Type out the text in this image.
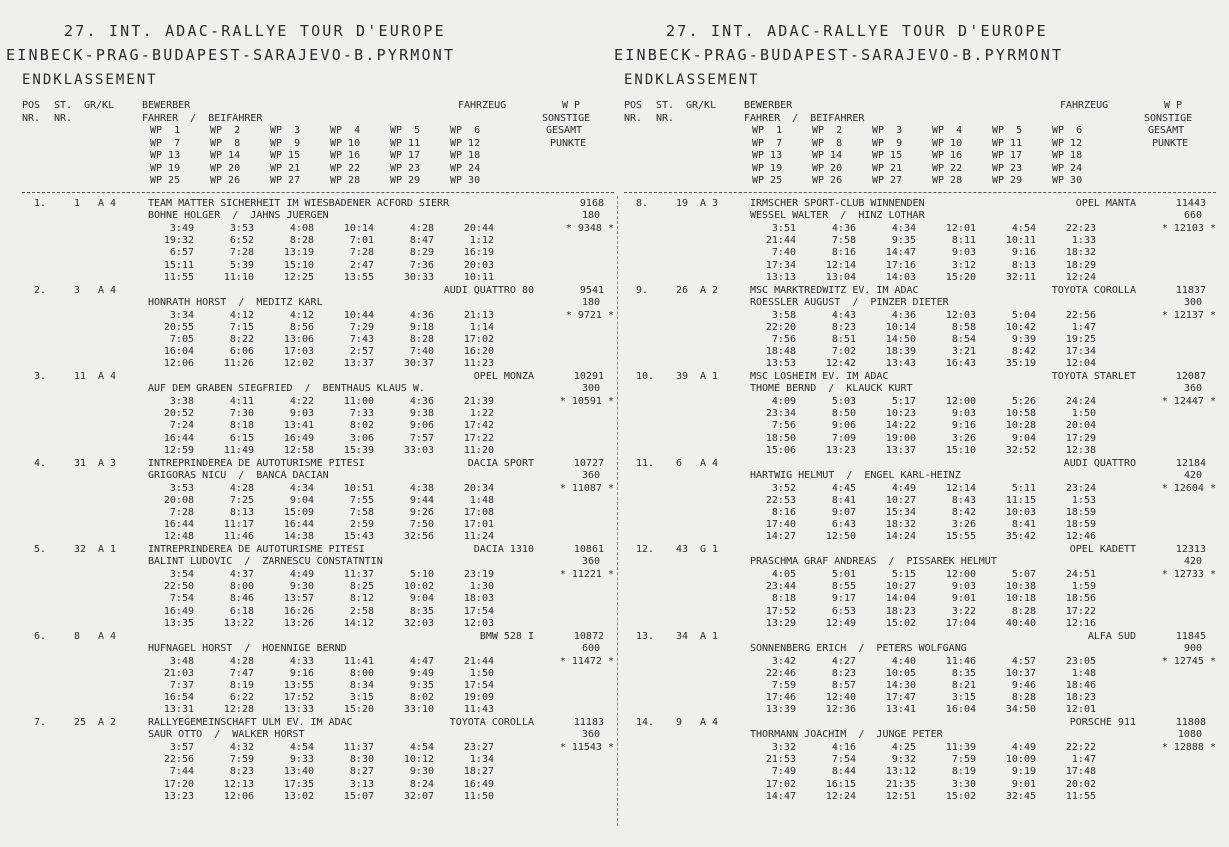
27. INT. ADAC-RALLYE TOUR D'EUROPE
EINBECK-PRAG-BUDAPEST-SARAJEVO-B.PYRMONT
ENDKLASSEMENT
BEWERBER	FAHRZEUG	W P
POS ST. GR/KL
NR. NR.	FAHRER  /  BEIFAHRER	SONSTIGE
WP  1	WP  2	WP  3	WP  4	WP  5	WP  6	GESAMT
WP  7	WP  8	WP  9	WP 10	WP 11	WP 12	PUNKTE
WP 13	WP 14	WP 15	WP 16	WP 17	WP 18
WP 19	WP 20	WP 21	WP 22	WP 23	WP 24
WP 25	WP 26	WP 27	WP 28	WP 29	WP 30
1.	1 A 4	TEAM MATTER SICHERHEIT IM WIESBADENER ACFORD SIERR	9168
BOHNE HOLGER  /  JAHNS JUERGEN	180
3:49	3:53	4:08	10:14	4:28	20:44	* 9348 *
19:32	6:52	8:28	7:01	8:47	1:12
6:57	7:28	13:19	7:28	8:29	16:19
15:11	5:39	15:10	2:47	7:36	20:03
11:55	11:10	12:25	13:55	30:33	10:11
2.	3 A 4	AUDI QUATTRO 80	9541
HONRATH HORST  /  MEDITZ KARL	180
3:34	4:12	4:12	10:44	4:36	21:13	* 9721 *
20:55	7:15	8:56	7:29	9:18	1:14
7:05	8:22	13:06	7:43	8:28	17:02
16:04	6:06	17:03	2:57	7:40	16:20
12:06	11:26	12:02	13:37	30:37	11:23
3.	11 A 4	OPEL MONZA	10291
AUF DEM GRABEN SIEGFRIED  /  BENTHAUS KLAUS W.	300
3:38	4:11	4:22	11:00	4:36	21:39	* 10591 *
20:52	7:30	9:03	7:33	9:38	1:22
7:24	8:18	13:41	8:02	9:06	17:42
16:44	6:15	16:49	3:06	7:57	17:22
12:59	11:49	12:58	15:39	33:03	11:20
4.	31 A 3	INTREPRINDEREA DE AUTOTURISME PITESI	DACIA SPORT	10727
GRIGORAS NICU  /  BANCA DACIAN	360
3:53	4:28	4:34	10:51	4:38	20:34	* 11087 *
20:08	7:25	9:04	7:55	9:44	1:48
7:28	8:13	15:09	7:58	9:26	17:08
16:44	11:17	16:44	2:59	7:50	17:01
12:48	11:46	14:38	15:43	32:56	11:24
5.	32 A 1	INTREPRINDEREA DE AUTOTURISME PITESI	DACIA 1310	10861
BALINT LUDOVIC  /  ZARNESCU CONSTATNTIN	360
3:54	4:37	4:49	11:37	5:10	23:19	* 11221 *
22:50	8:00	9:30	8:25	10:02	1:30
7:54	8:46	13:57	8:12	9:04	18:03
16:49	6:18	16:26	2:58	8:35	17:54
13:35	13:22	13:26	14:12	32:03	12:03
6.	8 A 4	BMW 528 I	10872
HUFNAGEL HORST  /  HOENNIGE BERND	600
3:48	4:28	4:33	11:41	4:47	21:44	* 11472 *
21:03	7:47	9:16	8:00	9:49	1:50
7:37	8:19	13:55	8:34	9:35	17:54
16:54	6:22	17:52	3:15	8:02	19:09
13:31	12:28	13:33	15:20	33:10	11:43
7.	25 A 2	RALLYEGEMEINSCHAFT ULM EV. IM ADAC	TOYOTA COROLLA	11183
SAUR OTTO  /  WALKER HORST	360
3:57	4:32	4:54	11:37	4:54	23:27	* 11543 *
22:56	7:59	9:33	8:30	10:12	1:34
7:44	8:23	13:40	8:27	9:30	18:27
17:20	12:13	17:35	3:13	8:24	16:49
13:23	12:06	13:02	15:07	32:07	11:50
27. INT. ADAC-RALLYE TOUR D'EUROPE
EINBECK-PRAG-BUDAPEST-SARAJEVO-B.PYRMONT
ENDKLASSEMENT
BEWERBER	FAHRZEUG	W P
POS ST. GR/KL
NR. NR.	FAHRER  /  BEIFAHRER	SONSTIGE
WP  1	WP  2	WP  3	WP  4	WP  5	WP  6	GESAMT
WP  7	WP  8	WP  9	WP 10	WP 11	WP 12	PUNKTE
WP 13	WP 14	WP 15	WP 16	WP 17	WP 18
WP 19	WP 20	WP 21	WP 22	WP 23	WP 24
WP 25	WP 26	WP 27	WP 28	WP 29	WP 30
8.	19 A 3	IRMSCHER SPORT-CLUB WINNENDEN	OPEL MANTA	11443
WESSEL WALTER  /  HINZ LOTHAR	660
3:51	4:36	4:34	12:01	4:54	22:23	* 12103 *
21:44	7:58	9:35	8:11	10:11	1:33
7:40	8:16	14:47	9:03	9:16	18:32
17:34	12:14	17:16	3:12	8:13	18:29
13:13	13:04	14:03	15:20	32:11	12:24
9.	26 A 2	MSC MARKTREDWITZ EV. IM ADAC	TOYOTA COROLLA	11837
ROESSLER AUGUST  /  PINZER DIETER	300
3:58	4:43	4:36	12:03	5:04	22:56	* 12137 *
22:20	8:23	10:14	8:58	10:42	1:47
7:56	8:51	14:50	8:54	9:39	19:25
18:48	7:02	18:39	3:21	8:42	17:34
13:53	12:42	13:43	16:43	35:19	12:04
10. 39 A 1	MSC LOSHEIM EV. IM ADAC	TOYOTA STARLET	12087
THOME BERND  /  KLAUCK KURT	360
4:09	5:03	5:17	12:00	5:26	24:24	* 12447 *
23:34	8:50	10:23	9:03	10:58	1:50
7:56	9:06	14:22	9:16	10:28	20:04
18:50	7:09	19:00	3:26	9:04	17:29
15:06	13:23	13:37	15:10	32:52	12:38
11. 6 A 4	AUDI QUATTRO	12184
HARTWIG HELMUT  /  ENGEL KARL-HEINZ	420
3:52	4:45	4:49	12:14	5:11	23:24	* 12604 *
22:53	8:41	10:27	8:43	11:15	1:53
8:16	9:07	15:34	8:42	10:03	18:59
17:40	6:43	18:32	3:26	8:41	18:59
14:27	12:50	14:24	15:55	35:42	12:46
12. 43 G 1	OPEL KADETT	12313
PRASCHMA GRAF ANDREAS  /  PISSAREK HELMUT	420
4:05	5:01	5:15	12:00	5:07	24:51	* 12733 *
23:44	8:55	10:27	9:03	10:38	1:59
8:18	9:17	14:04	9:01	10:18	18:56
17:52	6:53	18:23	3:22	8:28	17:22
13:29	12:49	15:02	17:04	40:40	12:16
13. 34 A 1	ALFA SUD	11845
SONNENBERG ERICH  /  PETERS WOLFGANG	900
3:42	4:27	4:40	11:46	4:57	23:05	* 12745 *
22:46	8:23	10:05	8:35	10:37	1:48
7:59	8:57	14:30	8:21	9:46	18:46
17:46	12:40	17:47	3:15	8:28	18:23
13:39	12:36	13:41	16:04	34:50	12:01
14. 9 A 4	PORSCHE 911	11808
THORMANN JOACHIM  /  JUNGE PETER	1080
3:32	4:16	4:25	11:39	4:49	22:22	* 12888 *
21:53	7:54	9:32	7:59	10:09	1:47
7:49	8:44	13:12	8:19	9:19	17:48
17:02	16:15	21:35	3:30	9:01	20:02
14:47	12:24	12:51	15:02	32:45	11:55
